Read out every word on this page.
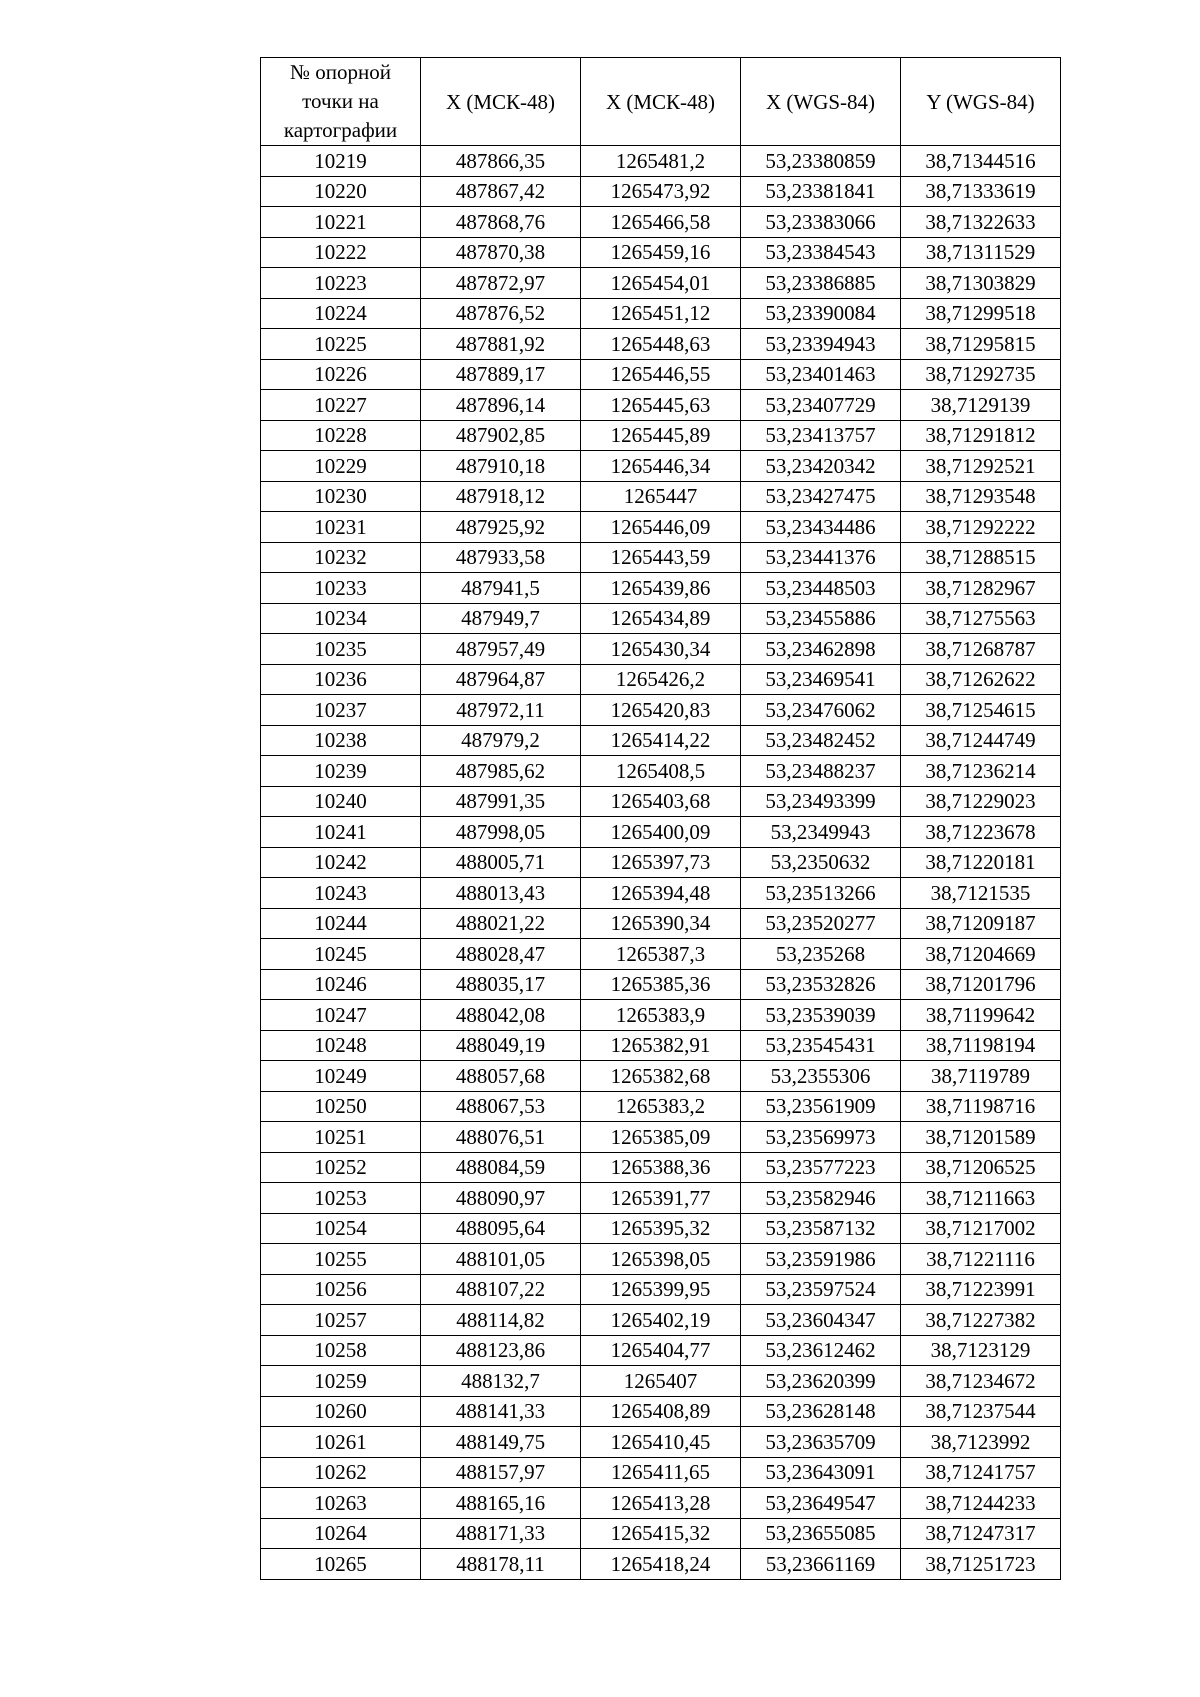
№ опорной
точки на
картографии	X (МСК-48)	X (МСК-48)	X (WGS-84)	Y (WGS-84)
10219	487866,35	1265481,2	53,23380859	38,71344516
10220	487867,42	1265473,92	53,23381841	38,71333619
10221	487868,76	1265466,58	53,23383066	38,71322633
10222	487870,38	1265459,16	53,23384543	38,71311529
10223	487872,97	1265454,01	53,23386885	38,71303829
10224	487876,52	1265451,12	53,23390084	38,71299518
10225	487881,92	1265448,63	53,23394943	38,71295815
10226	487889,17	1265446,55	53,23401463	38,71292735
10227	487896,14	1265445,63	53,23407729	38,7129139
10228	487902,85	1265445,89	53,23413757	38,71291812
10229	487910,18	1265446,34	53,23420342	38,71292521
10230	487918,12	1265447	53,23427475	38,71293548
10231	487925,92	1265446,09	53,23434486	38,71292222
10232	487933,58	1265443,59	53,23441376	38,71288515
10233	487941,5	1265439,86	53,23448503	38,71282967
10234	487949,7	1265434,89	53,23455886	38,71275563
10235	487957,49	1265430,34	53,23462898	38,71268787
10236	487964,87	1265426,2	53,23469541	38,71262622
10237	487972,11	1265420,83	53,23476062	38,71254615
10238	487979,2	1265414,22	53,23482452	38,71244749
10239	487985,62	1265408,5	53,23488237	38,71236214
10240	487991,35	1265403,68	53,23493399	38,71229023
10241	487998,05	1265400,09	53,2349943	38,71223678
10242	488005,71	1265397,73	53,2350632	38,71220181
10243	488013,43	1265394,48	53,23513266	38,7121535
10244	488021,22	1265390,34	53,23520277	38,71209187
10245	488028,47	1265387,3	53,235268	38,71204669
10246	488035,17	1265385,36	53,23532826	38,71201796
10247	488042,08	1265383,9	53,23539039	38,71199642
10248	488049,19	1265382,91	53,23545431	38,71198194
10249	488057,68	1265382,68	53,2355306	38,7119789
10250	488067,53	1265383,2	53,23561909	38,71198716
10251	488076,51	1265385,09	53,23569973	38,71201589
10252	488084,59	1265388,36	53,23577223	38,71206525
10253	488090,97	1265391,77	53,23582946	38,71211663
10254	488095,64	1265395,32	53,23587132	38,71217002
10255	488101,05	1265398,05	53,23591986	38,71221116
10256	488107,22	1265399,95	53,23597524	38,71223991
10257	488114,82	1265402,19	53,23604347	38,71227382
10258	488123,86	1265404,77	53,23612462	38,7123129
10259	488132,7	1265407	53,23620399	38,71234672
10260	488141,33	1265408,89	53,23628148	38,71237544
10261	488149,75	1265410,45	53,23635709	38,7123992
10262	488157,97	1265411,65	53,23643091	38,71241757
10263	488165,16	1265413,28	53,23649547	38,71244233
10264	488171,33	1265415,32	53,23655085	38,71247317
10265	488178,11	1265418,24	53,23661169	38,71251723
